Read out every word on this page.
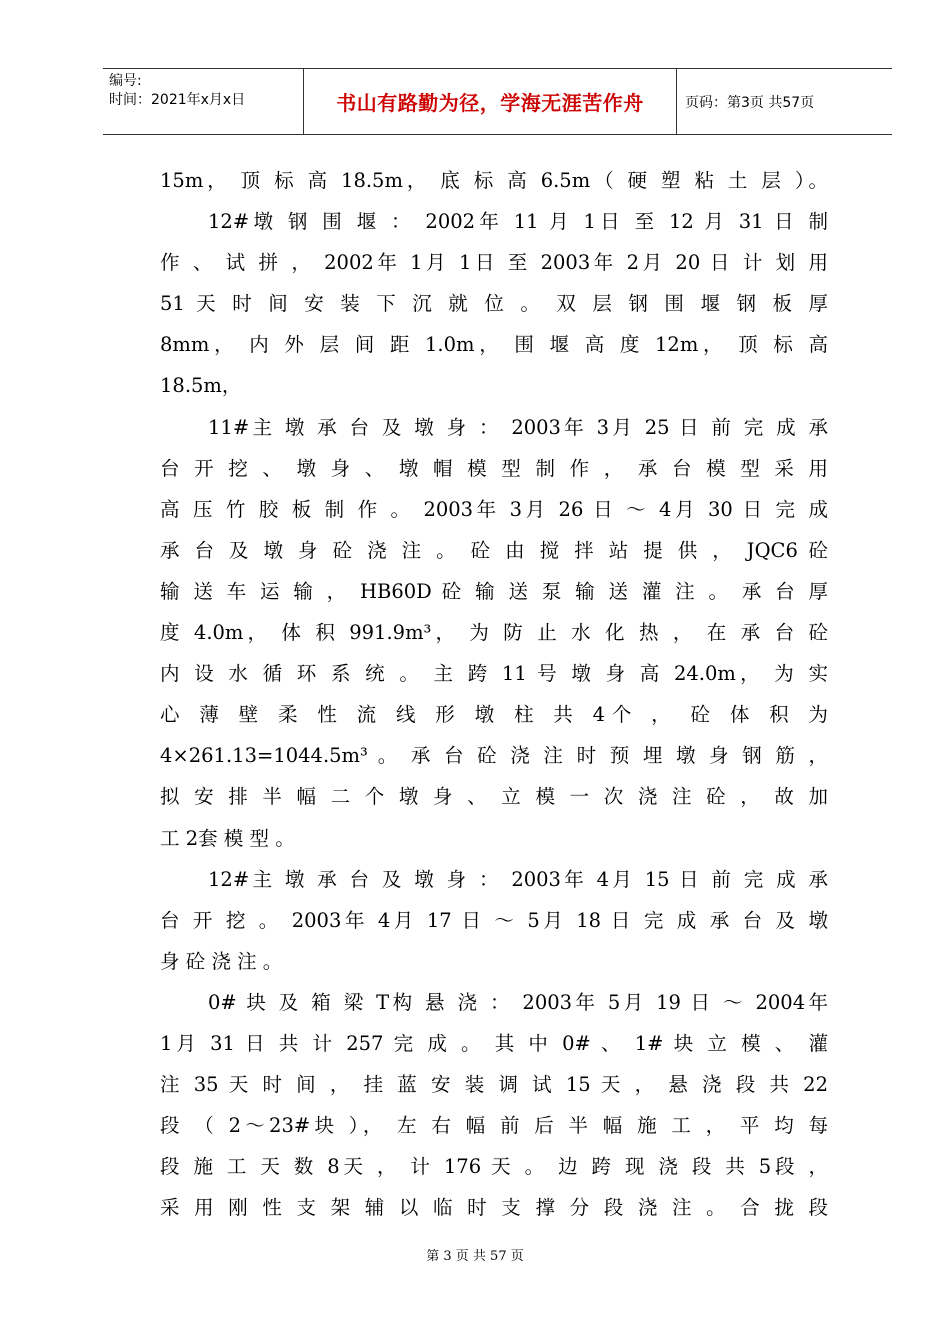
编号:
时间：2021年x月x日	书山有路勤为径，学海无涯苦作舟	页码：第3页 共57页
15m， 顶 标 高 18.5m， 底 标 高 6.5m（ 硬 塑 粘 土 层 ）。
12#墩 钢 围 堰 ： 2002年 11 月 1日 至 12 月 31 日 制
作 、 试 拼 ， 2002年 1月 1日 至 2003年 2月 20 日 计 划 用
51 天 时 间 安 装 下 沉 就 位 。 双 层 钢 围 堰 钢 板 厚
8mm， 内 外 层 间 距 1.0m， 围 堰 高 度 12m， 顶 标 高
18.5m，
11#主 墩 承 台 及 墩 身 ： 2003年 3月 25 日 前 完 成 承
台 开 挖 、 墩 身 、 墩 帽 模 型 制 作 ， 承 台 模 型 采 用
高 压 竹 胶 板 制 作 。 2003年 3月 26 日 ～ 4月 30 日 完 成
承 台 及 墩 身 砼 浇 注 。 砼 由 搅 拌 站 提 供 ， JQC6 砼
输 送 车 运 输 ， HB60D 砼 输 送 泵 输 送 灌 注 。 承 台 厚
度 4.0m， 体 积 991.9m³， 为 防 止 水 化 热 ， 在 承 台 砼
内 设 水 循 环 系 统 。 主 跨 11 号 墩 身 高 24.0m， 为 实
心 薄 壁 柔 性 流 线 形 墩 柱 共 4个 ， 砼 体 积 为
4×261.13=1044.5m³ 。 承 台 砼 浇 注 时 预 埋 墩 身 钢 筋 ，
拟 安 排 半 幅 二 个 墩 身 、 立 模 一 次 浇 注 砼 ， 故 加
工 2套 模 型 。
12#主 墩 承 台 及 墩 身 ： 2003年 4月 15 日 前 完 成 承
台 开 挖 。 2003年 4月 17 日 ～ 5月 18 日 完 成 承 台 及 墩
身 砼 浇 注 。
0# 块 及 箱 梁 T构 悬 浇 ： 2003年 5月 19 日 ～ 2004年
1月 31 日 共 计 257 完 成 。 其 中 0# 、 1# 块 立 模 、 灌
注 35 天 时 间 ， 挂 蓝 安 装 调 试 15 天 ， 悬 浇 段 共 22
段 （ 2～23#块 ）， 左 右 幅 前 后 半 幅 施 工 ， 平 均 每
段 施 工 天 数 8天 ， 计 176 天 。 边 跨 现 浇 段 共 5段 ，
采 用 刚 性 支 架 辅 以 临 时 支 撑 分 段 浇 注 。 合 拢 段
第 3 页 共 57 页
